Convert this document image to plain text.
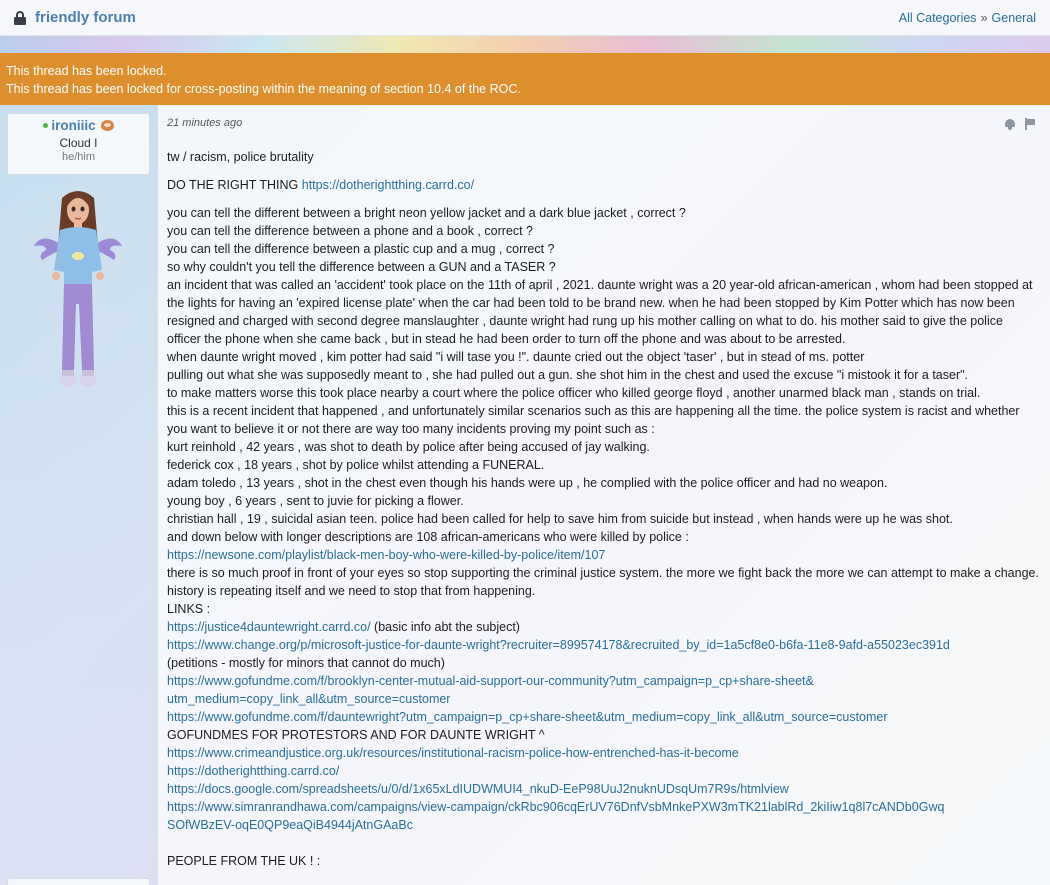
friendly forum	All Categories » General
This thread has been locked.
This thread has been locked for cross-posting within the meaning of section 10.4 of the ROC.
ironiiic
Cloud I
he/him
21 minutes ago

tw / racism, police brutality

DO THE RIGHT THING https://dotherightthing.carrd.co/

you can tell the different between a bright neon yellow jacket and a dark blue jacket , correct ?
you can tell the difference between a phone and a book , correct ?
you can tell the difference between a plastic cup and a mug , correct ?
so why couldn't you tell the difference between a GUN and a TASER ?
an incident that was called an 'accident' took place on the 11th of april , 2021. daunte wright was a 20 year-old african-american , whom had been stopped at the lights for having an 'expired license plate' when the car had been told to be brand new. when he had been stopped by Kim Potter which has now been resigned and charged with second degree manslaughter , daunte wright had rung up his mother calling on what to do. his mother said to give the police officer the phone when she came back , but in stead he had been order to turn off the phone and was about to be arrested.
when daunte wright moved , kim potter had said "i will tase you !". daunte cried out the object 'taser' , but in stead of ms. potter
pulling out what she was supposedly meant to , she had pulled out a gun. she shot him in the chest and used the excuse "i mistook it for a taser".
to make matters worse this took place nearby a court where the police officer who killed george floyd , another unarmed black man , stands on trial.
this is a recent incident that happened , and unfortunately similar scenarios such as this are happening all the time. the police system is racist and whether you want to believe it or not there are way too many incidents proving my point such as :
kurt reinhold , 42 years , was shot to death by police after being accused of jay walking.
federick cox , 18 years , shot by police whilst attending a FUNERAL.
adam toledo , 13 years , shot in the chest even though his hands were up , he complied with the police officer and had no weapon.
young boy , 6 years , sent to juvie for picking a flower.
christian hall , 19 , suicidal asian teen. police had been called for help to save him from suicide but instead , when hands were up he was shot.
and down below with longer descriptions are 108 african-americans who were killed by police :
https://newsone.com/playlist/black-men-boy-who-were-killed-by-police/item/107
there is so much proof in front of your eyes so stop supporting the criminal justice system. the more we fight back the more we can attempt to make a change.
history is repeating itself and we need to stop that from happening.
LINKS :
https://justice4dauntewright.carrd.co/ (basic info abt the subject)
https://www.change.org/p/microsoft-justice-for-daunte-wright?recruiter=899574178&recruited_by_id=1a5cf8e0-b6fa-11e8-9afd-a55023ec391d
(petitions - mostly for minors that cannot do much)
https://www.gofundme.com/f/brooklyn-center-mutual-aid-support-our-community?utm_campaign=p_cp+share-sheet&utm_medium=copy_link_all&utm_source=customer
https://www.gofundme.com/f/dauntewright?utm_campaign=p_cp+share-sheet&utm_medium=copy_link_all&utm_source=customer
GOFUNDMES FOR PROTESTORS AND FOR DAUNTE WRIGHT ^
https://www.crimeandjustice.org.uk/resources/institutional-racism-police-how-entrenched-has-it-become
https://dotherightthing.carrd.co/
https://docs.google.com/spreadsheets/u/0/d/1x65xLdIUDWMUI4_nkuD-EeP98UuJ2nuknUDsqUm7R9s/htmlview
https://www.simranrandhawa.com/campaigns/view-campaign/ckRbc906cqErUV76DnfVsbMnkePXW3mTK21lablRd_2kiIiw1q8l7cANDb0GwqSOfWBzEV-oqE0QP9eaQiB4944jAtnGAaBc
PEOPLE FROM THE UK ! :
